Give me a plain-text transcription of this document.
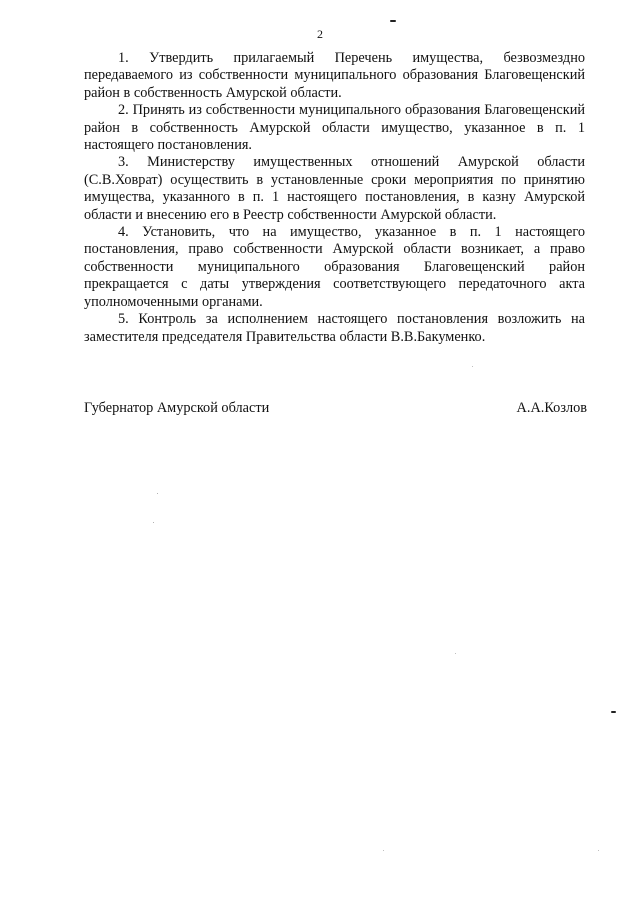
2

1. Утвердить прилагаемый Перечень имущества, безвозмездно передаваемого из собственности муниципального образования Благовещенский район в собственность Амурской области.

2. Принять из собственности муниципального образования Благовещенский район в собственность Амурской области имущество, указанное в п. 1 настоящего постановления.

3. Министерству имущественных отношений Амурской области (С.В.Ховрат) осуществить в установленные сроки мероприятия по принятию имущества, указанного в п. 1 настоящего постановления, в казну Амурской области и внесению его в Реестр собственности Амурской области.

4. Установить, что на имущество, указанное в п. 1 настоящего постановления, право собственности Амурской области возникает, а право собственности муниципального образования Благовещенский район прекращается с даты утверждения соответствующего передаточного акта уполномоченными органами.

5. Контроль за исполнением настоящего постановления возложить на заместителя председателя Правительства области В.В.Бакуменко.

Губернатор Амурской области	А.А.Козлов
